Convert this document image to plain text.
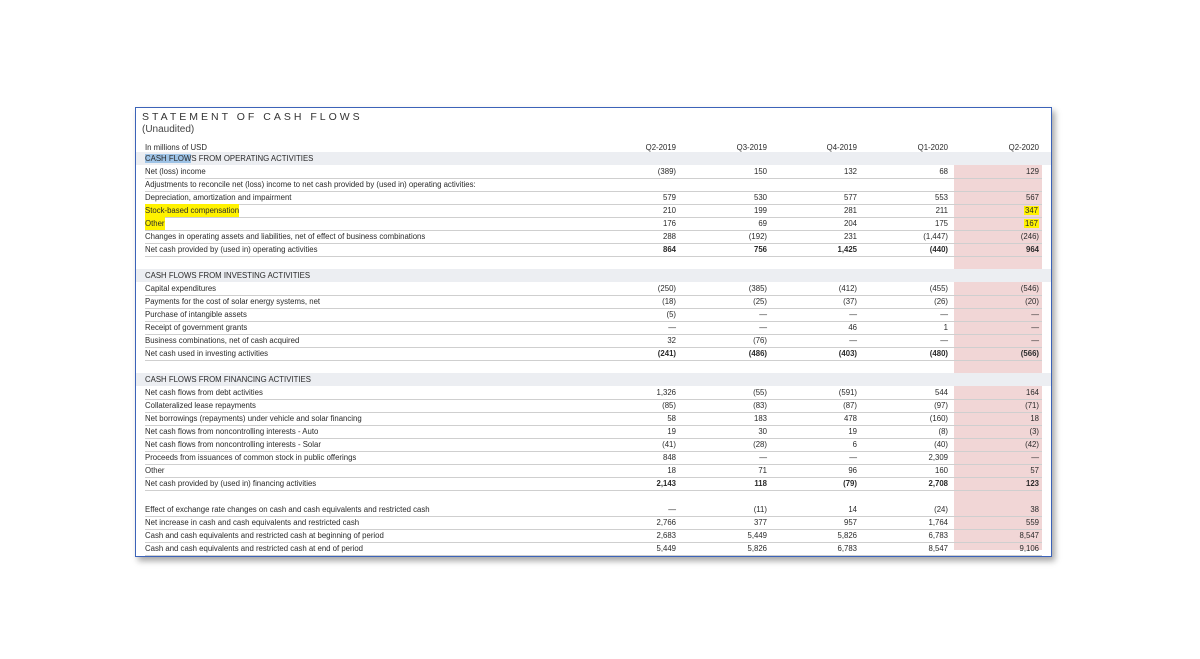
STATEMENT OF CASH FLOWS
(Unaudited)
In millions of USD	Q2-2019	Q3-2019	Q4-2019	Q1-2020	Q2-2020
CASH FLOWS FROM OPERATING ACTIVITIES
Net (loss) income	(389)	150	132	68	129
Adjustments to reconcile net (loss) income to net cash provided by (used in) operating activities:
Depreciation, amortization and impairment	579	530	577	553	567
Stock-based compensation	210	199	281	211	347
Other	176	69	204	175	167
Changes in operating assets and liabilities, net of effect of business combinations	288	(192)	231	(1,447)	(246)
Net cash provided by (used in) operating activities	864	756	1,425	(440)	964
CASH FLOWS FROM INVESTING ACTIVITIES
Capital expenditures	(250)	(385)	(412)	(455)	(546)
Payments for the cost of solar energy systems, net	(18)	(25)	(37)	(26)	(20)
Purchase of intangible assets	(5)	—	—	—	—
Receipt of government grants	—	—	46	1	—
Business combinations, net of cash acquired	32	(76)	—	—	—
Net cash used in investing activities	(241)	(486)	(403)	(480)	(566)
CASH FLOWS FROM FINANCING ACTIVITIES
Net cash flows from debt activities	1,326	(55)	(591)	544	164
Collateralized lease repayments	(85)	(83)	(87)	(97)	(71)
Net borrowings (repayments) under vehicle and solar financing	58	183	478	(160)	18
Net cash flows from noncontrolling interests - Auto	19	30	19	(8)	(3)
Net cash flows from noncontrolling interests - Solar	(41)	(28)	6	(40)	(42)
Proceeds from issuances of common stock in public offerings	848	—	—	2,309	—
Other	18	71	96	160	57
Net cash provided by (used in) financing activities	2,143	118	(79)	2,708	123
Effect of exchange rate changes on cash and cash equivalents and restricted cash	—	(11)	14	(24)	38
Net increase in cash and cash equivalents and restricted cash	2,766	377	957	1,764	559
Cash and cash equivalents and restricted cash at beginning of period	2,683	5,449	5,826	6,783	8,547
Cash and cash equivalents and restricted cash at end of period	5,449	5,826	6,783	8,547	9,106
